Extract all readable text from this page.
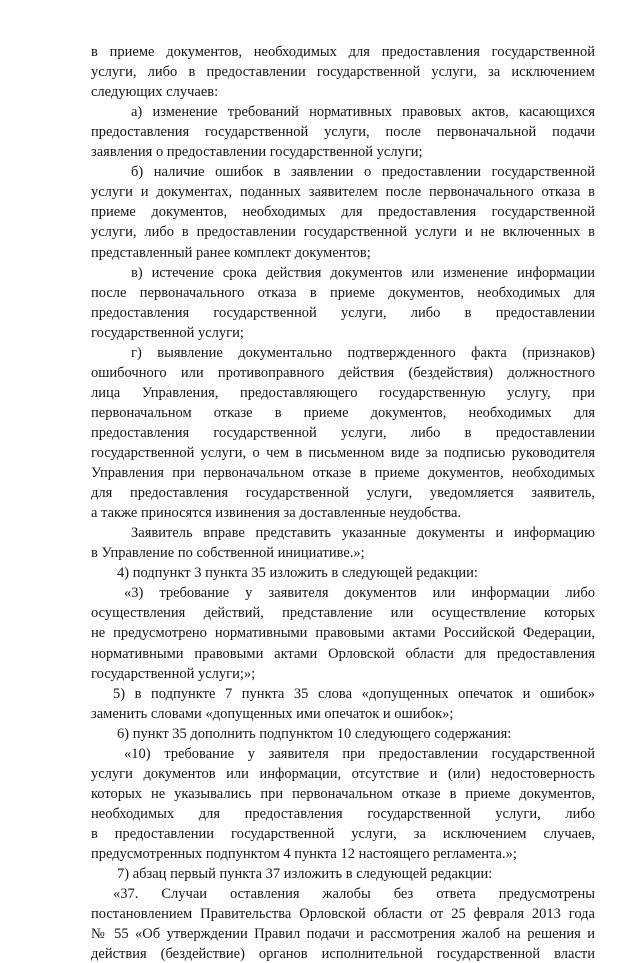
в приеме документов, необходимых для предоставления государственной
услуги, либо в предоставлении государственной услуги, за исключением
следующих случаев:
а) изменение требований нормативных правовых актов, касающихся
предоставления государственной услуги, после первоначальной подачи
заявления о предоставлении государственной услуги;
б) наличие ошибок в заявлении о предоставлении государственной
услуги и документах, поданных заявителем после первоначального отказа в
приеме документов, необходимых для предоставления государственной
услуги, либо в предоставлении государственной услуги и не включенных в
представленный ранее комплект документов;
в) истечение срока действия документов или изменение информации
после первоначального отказа в приеме документов, необходимых для
предоставления государственной услуги, либо в предоставлении
государственной услуги;
г) выявление документально подтвержденного факта (признаков)
ошибочного или противоправного действия (бездействия) должностного
лица Управления, предоставляющего государственную услугу, при
первоначальном отказе в приеме документов, необходимых для
предоставления государственной услуги, либо в предоставлении
государственной услуги, о чем в письменном виде за подписью руководителя
Управления при первоначальном отказе в приеме документов, необходимых
для предоставления государственной услуги, уведомляется заявитель,
а также приносятся извинения за доставленные неудобства.
Заявитель вправе представить указанные документы и информацию
в Управление по собственной инициативе.»;
4) подпункт 3 пункта 35 изложить в следующей редакции:
«3) требование у заявителя документов или информации либо
осуществления действий, представление или осуществление которых
не предусмотрено нормативными правовыми актами Российской Федерации,
нормативными правовыми актами Орловской области для предоставления
государственной услуги;»;
5) в подпункте 7 пункта 35 слова «допущенных опечаток и ошибок»
заменить словами «допущенных ими опечаток и ошибок»;
6) пункт 35 дополнить подпунктом 10 следующего содержания:
«10) требование у заявителя при предоставлении государственной
услуги документов или информации, отсутствие и (или) недостоверность
которых не указывались при первоначальном отказе в приеме документов,
необходимых для предоставления государственной услуги, либо
в предоставлении государственной услуги, за исключением случаев,
предусмотренных подпунктом 4 пункта 12 настоящего регламента.»;
7) абзац первый пункта 37 изложить в следующей редакции:
«37. Случаи оставления жалобы без ответа предусмотрены
постановлением Правительства Орловской области от 25 февраля 2013 года
№ 55 «Об утверждении Правил подачи и рассмотрения жалоб на решения и
действия (бездействие) органов исполнительной государственной власти
